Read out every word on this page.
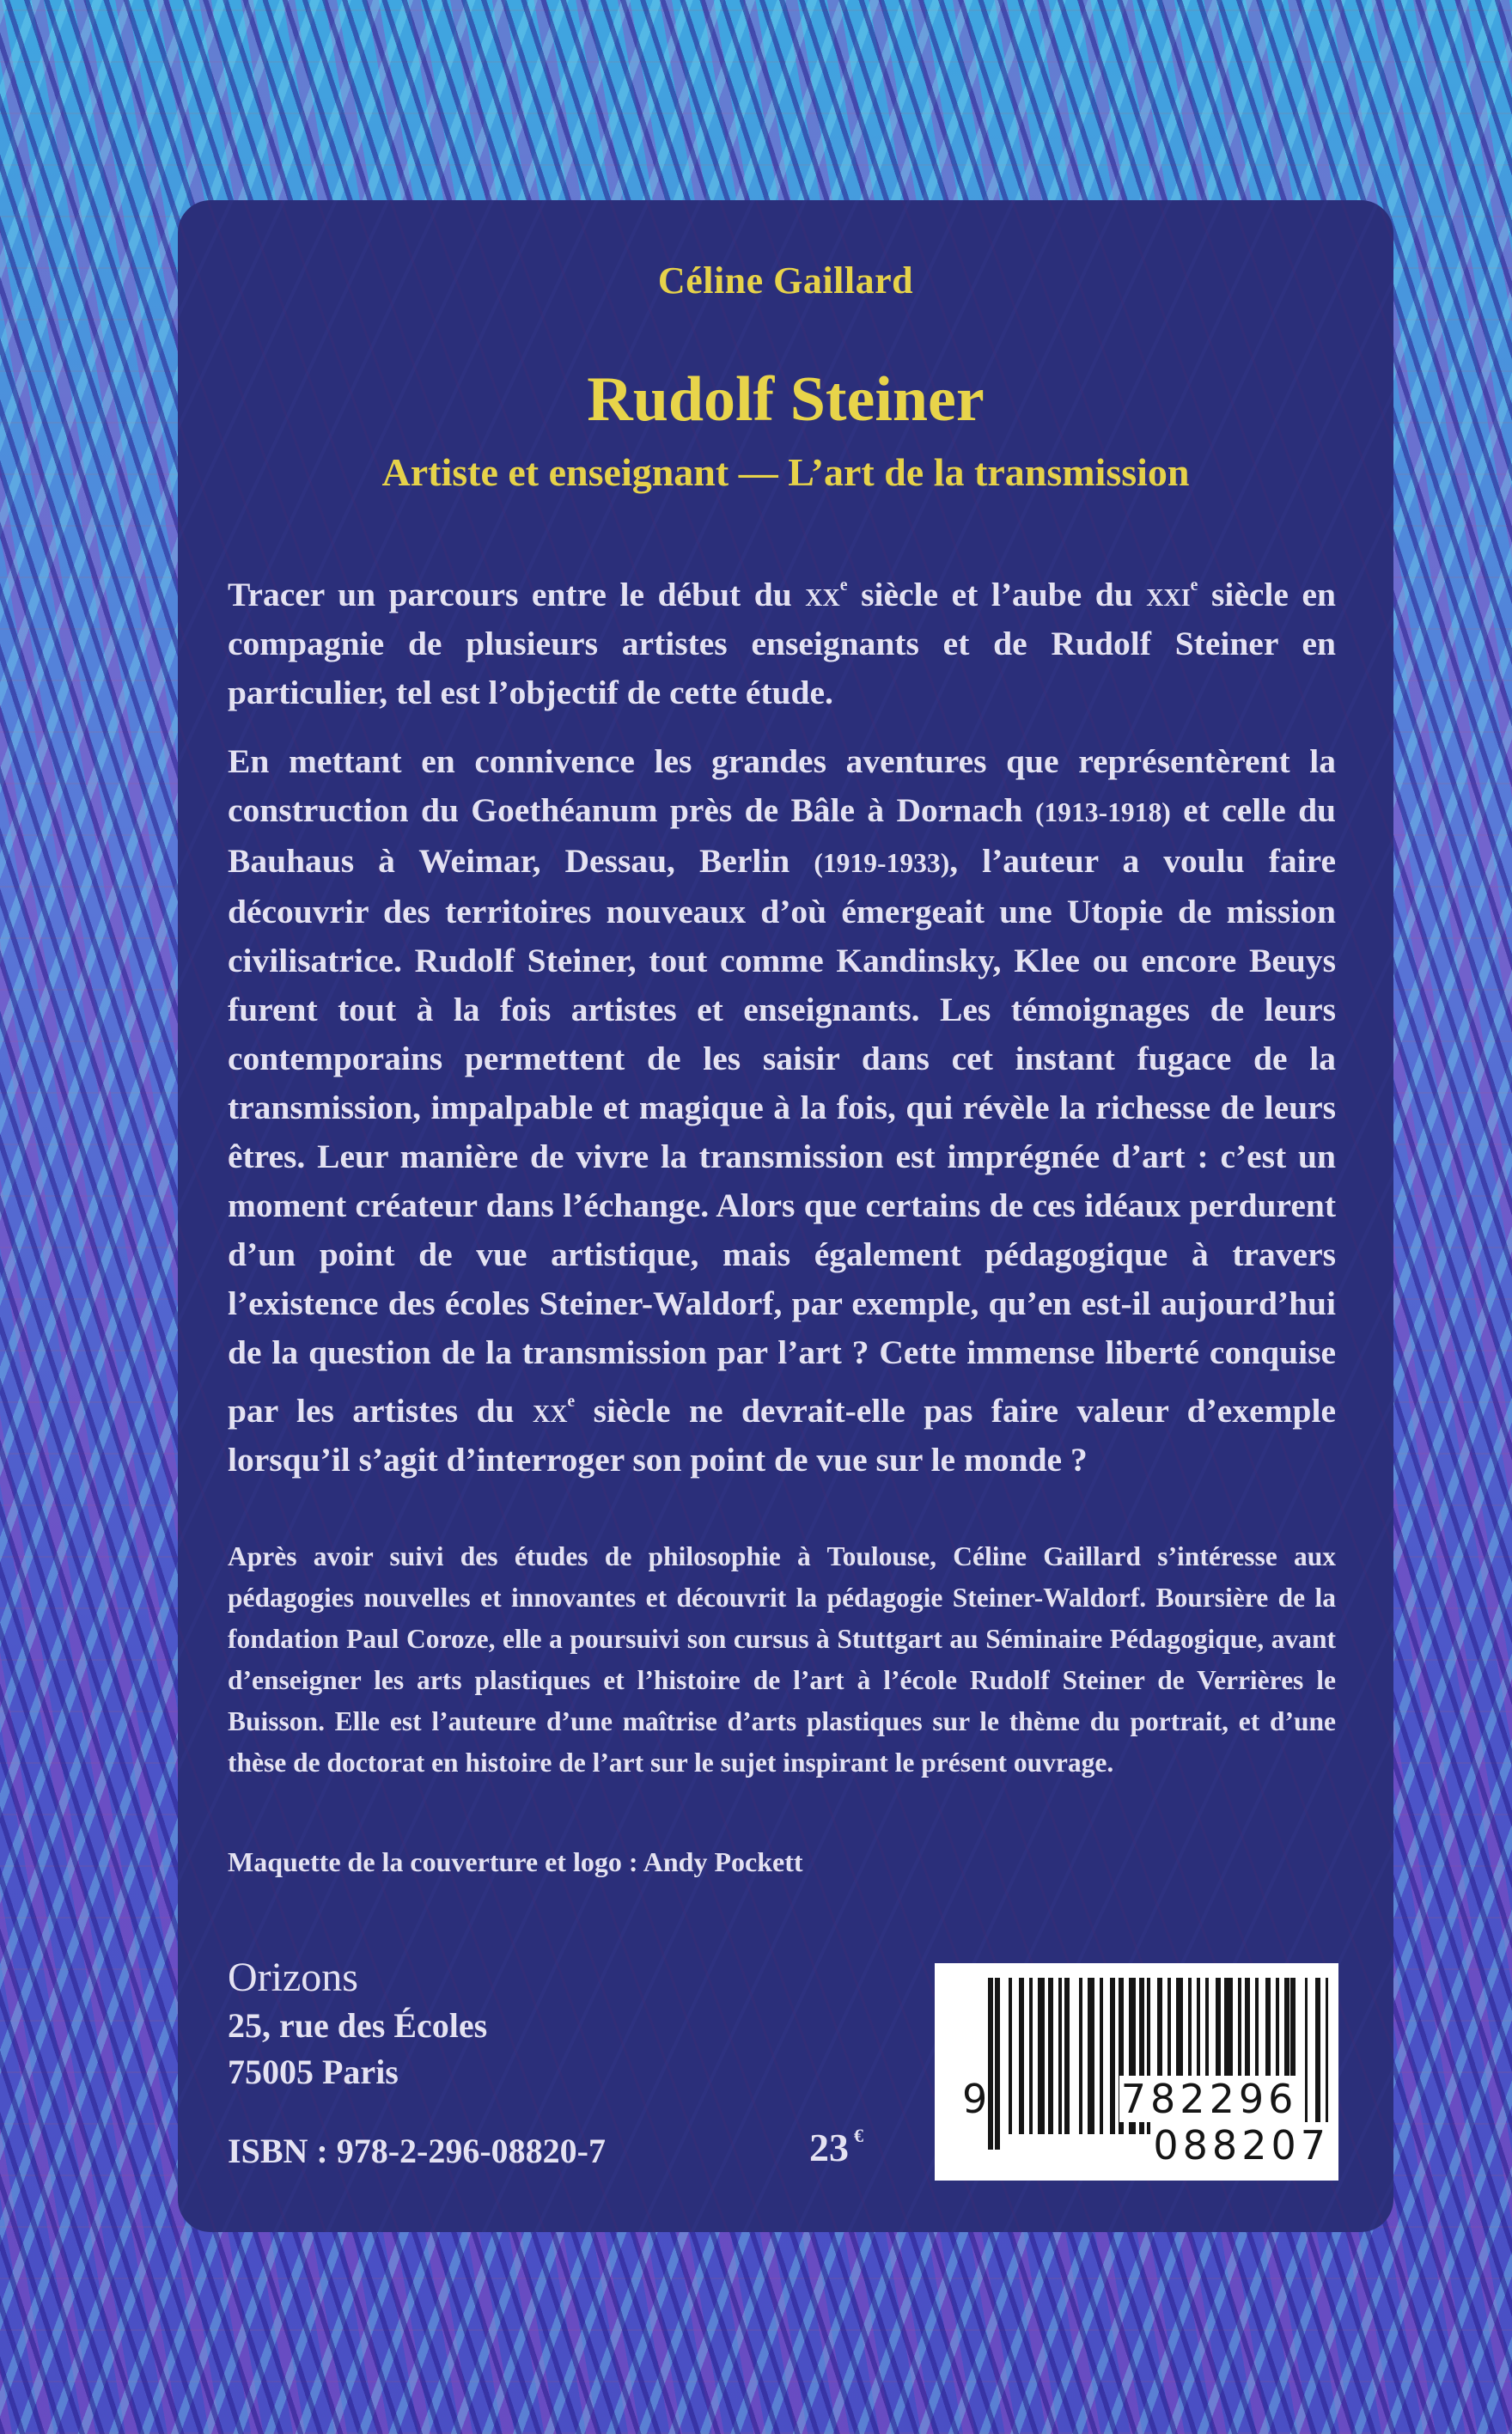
Céline Gaillard
Rudolf Steiner
Artiste et enseignant — L’art de la transmission

Tracer un parcours entre le début du $xx^e$ siècle et l’aube du xxi$^e$ siècle en compagnie de plusieurs artistes enseignants et de Rudolf Steiner en particulier, tel est l’objectif de cette étude.

En mettant en connivence les grandes aventures que représentèrent la construction du Goethéanum près de Bâle à Dornach (1913-1918) et celle du Bauhaus à Weimar, Dessau, Berlin (1919-1933), l’auteur a voulu faire découvrir des territoires nouveaux d’où émergeait une Utopie de mission civilisatrice. Rudolf Steiner, tout comme Kandinsky, Klee ou encore Beuys furent tout à la fois artistes et enseignants. Les témoignages de leurs contemporains permettent de les saisir dans cet instant fugace de la transmission, impalpable et magique à la fois, qui révèle la richesse de leurs êtres. Leur manière de vivre la transmission est imprégnée d’art : c’est un moment créateur dans l’échange. Alors que certains de ces idéaux perdurent d’un point de vue artistique, mais également pédagogique à travers l’existence des écoles Steiner-Waldorf, par exemple, qu’en est-il aujourd’hui de la question de la transmission par l’art ? Cette immense liberté conquise par les artistes du $xx^e$ siècle ne devrait-elle pas faire valeur d’exemple lorsqu’il s’agit d’interroger son point de vue sur le monde ?

Après avoir suivi des études de philosophie à Toulouse, Céline Gaillard s’intéresse aux pédagogies nouvelles et innovantes et découvrit la pédagogie Steiner-Waldorf. Boursière de la fondation Paul Coroze, elle a poursuivi son cursus à Stuttgart au Séminaire Pédagogique, avant d’enseigner les arts plastiques et l’histoire de l’art à l’école Rudolf Steiner de Verrières le Buisson. Elle est l’auteure d’une maîtrise d’arts plastiques sur le thème du portrait, et d’une thèse de doctorat en histoire de l’art sur le sujet inspirant le présent ouvrage.

Maquette de la couverture et logo : Andy Pockett

Orizons
25, rue des Écoles
75005 Paris
ISBN : 978-2-296-08820-7	23 €
9	782296  088207
